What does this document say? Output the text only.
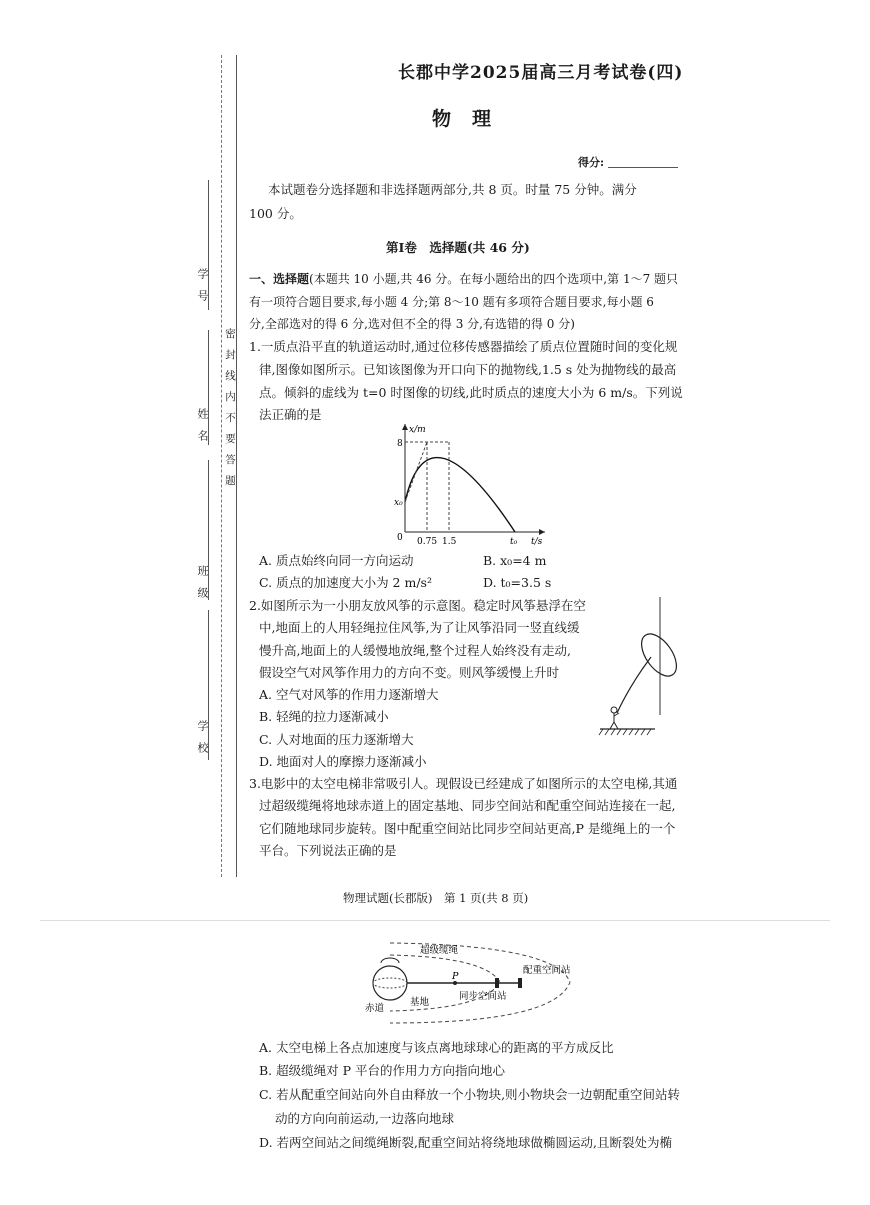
学　号
姓　名
班　级
学　校
密　封　线　内　不　要　答　题
长郡中学2025届高三月考试卷(四)
物　理
得分:
本试题卷分选择题和非选择题两部分,共 8 页。时量 75 分钟。满分
100 分。
第Ⅰ卷　选择题(共 46 分)
一、选择题(本题共 10 小题,共 46 分。在每小题给出的四个选项中,第 1～7 题只
有一项符合题目要求,每小题 4 分;第 8～10 题有多项符合题目要求,每小题 6
分,全部选对的得 6 分,选对但不全的得 3 分,有选错的得 0 分)
1.一质点沿平直的轨道运动时,通过位移传感器描绘了质点位置随时间的变化规
律,图像如图所示。已知该图像为开口向下的抛物线,1.5 s 处为抛物线的最高
点。倾斜的虚线为 t=0 时图像的切线,此时质点的速度大小为 6 m/s。下列说
法正确的是
x/m
t/s
8
x₀
0 0.75 1.5	t₀
A. 质点始终向同一方向运动	B. x₀=4 m
C. 质点的加速度大小为 2 m/s²	D. t₀=3.5 s
2.如图所示为一小朋友放风筝的示意图。稳定时风筝悬浮在空
中,地面上的人用轻绳拉住风筝,为了让风筝沿同一竖直线缓
慢升高,地面上的人缓慢地放绳,整个过程人始终没有走动,
假设空气对风筝作用力的方向不变。则风筝缓慢上升时
A. 空气对风筝的作用力逐渐增大
B. 轻绳的拉力逐渐减小
C. 人对地面的压力逐渐增大
D. 地面对人的摩擦力逐渐减小
3.电影中的太空电梯非常吸引人。现假设已经建成了如图所示的太空电梯,其通
过超级缆绳将地球赤道上的固定基地、同步空间站和配重空间站连接在一起,
它们随地球同步旋转。图中配重空间站比同步空间站更高,P 是缆绳上的一个
平台。下列说法正确的是
物理试题(长郡版)　第 1 页(共 8 页)
超级缆绳
配重空间站
P
赤道
基地
同步空间站
A. 太空电梯上各点加速度与该点离地球球心的距离的平方成反比
B. 超级缆绳对 P 平台的作用力方向指向地心
C. 若从配重空间站向外自由释放一个小物块,则小物块会一边朝配重空间站转
动的方向向前运动,一边落向地球
D. 若两空间站之间缆绳断裂,配重空间站将绕地球做椭圆运动,且断裂处为椭
